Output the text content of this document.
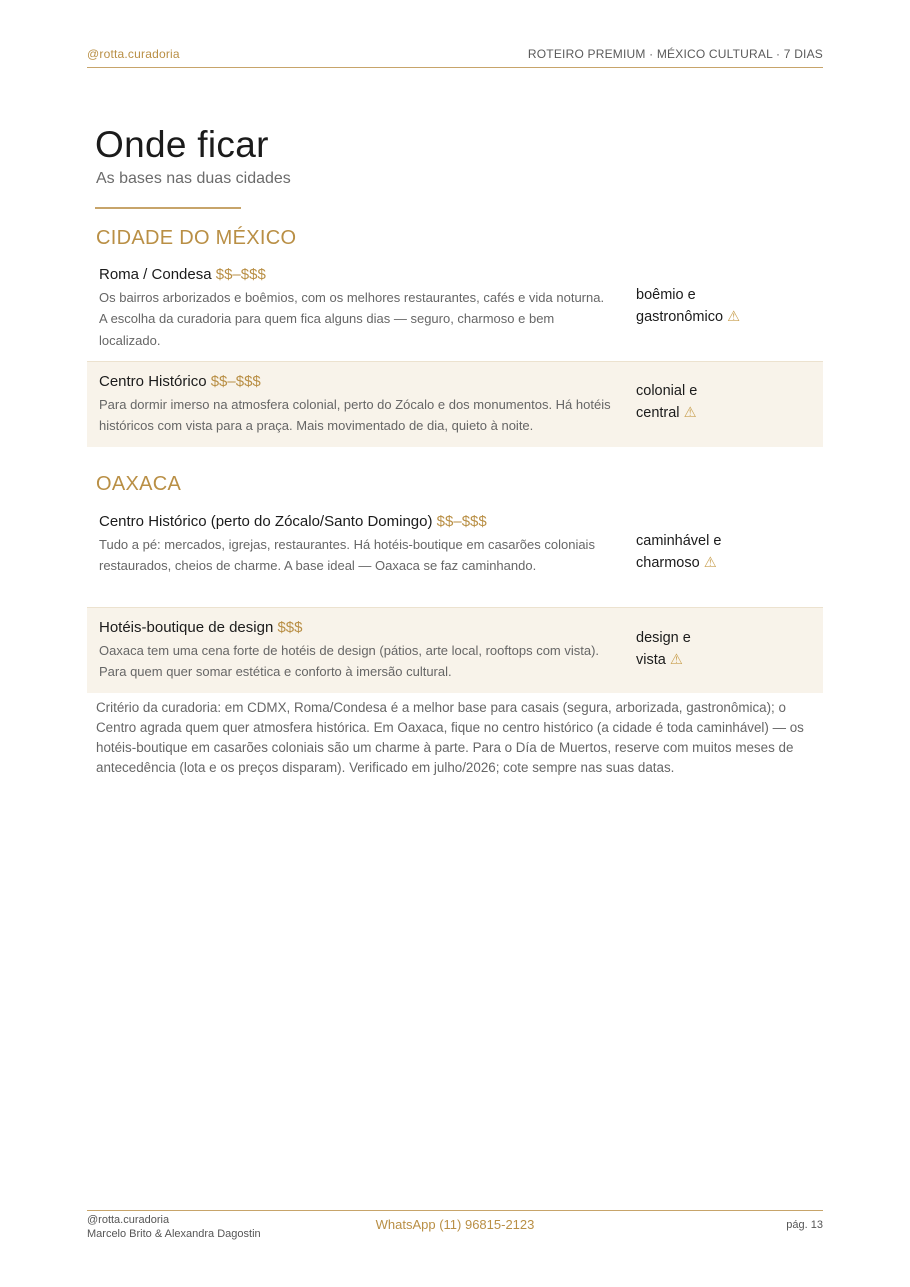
@rotta.curadoria	ROTEIRO PREMIUM · MÉXICO CULTURAL · 7 DIAS
Onde ficar
As bases nas duas cidades
CIDADE DO MÉXICO
Roma / Condesa $$–$$$
Os bairros arborizados e boêmios, com os melhores restaurantes, cafés e vida noturna. A escolha da curadoria para quem fica alguns dias — seguro, charmoso e bem localizado.
boêmio e
gastronômico ⚠
Centro Histórico $$–$$$
Para dormir imerso na atmosfera colonial, perto do Zócalo e dos monumentos. Há hotéis históricos com vista para a praça. Mais movimentado de dia, quieto à noite.
colonial e
central ⚠
OAXACA
Centro Histórico (perto do Zócalo/Santo Domingo) $$–$$$
Tudo a pé: mercados, igrejas, restaurantes. Há hotéis-boutique em casarões coloniais restaurados, cheios de charme. A base ideal — Oaxaca se faz caminhando.
caminhável e
charmoso ⚠
Hotéis-boutique de design $$$
Oaxaca tem uma cena forte de hotéis de design (pátios, arte local, rooftops com vista). Para quem quer somar estética e conforto à imersão cultural.
design e
vista ⚠
Critério da curadoria: em CDMX, Roma/Condesa é a melhor base para casais (segura, arborizada, gastronômica); o Centro agrada quem quer atmosfera histórica. Em Oaxaca, fique no centro histórico (a cidade é toda caminhável) — os hotéis-boutique em casarões coloniais são um charme à parte. Para o Día de Muertos, reserve com muitos meses de antecedência (lota e os preços disparam). Verificado em julho/2026; cote sempre nas suas datas.
@rotta.curadoria
Marcelo Brito & Alexandra Dagostin
WhatsApp (11) 96815-2123	pág. 13
